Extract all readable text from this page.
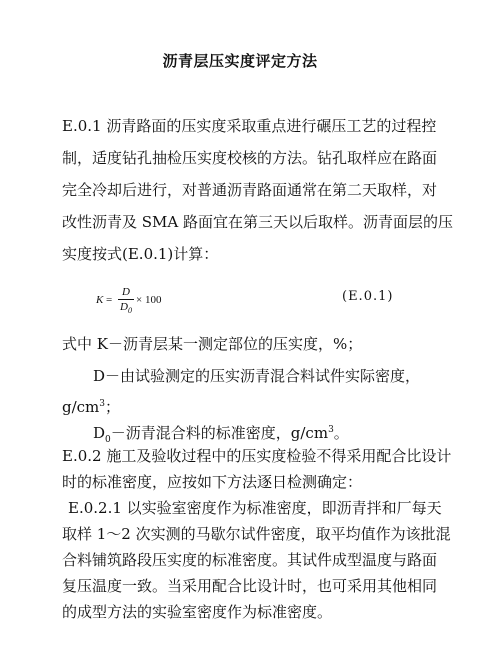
沥青层压实度评定方法
E.0.1 沥青路面的压实度采取重点进行碾压工艺的过程控
制，适度钻孔抽检压实度校核的方法。钻孔取样应在路面
完全冷却后进行，对普通沥青路面通常在第二天取样，对
改性沥青及 SMA 路面宜在第三天以后取样。沥青面层的压
实度按式(E.0.1)计算：
K =
D
$D_0$
× 100	(E.0.1)
式中 K－沥青层某一测定部位的压实度，%；
D－由试验测定的压实沥青混合料试件实际密度，
$g/cm^3$；
$D_0-$沥青混合料的标准密度，$g/cm^3$。
E.0.2 施工及验收过程中的压实度检验不得采用配合比设计
时的标准密度，应按如下方法逐日检测确定：
E.0.2.1 以实验室密度作为标准密度，即沥青拌和厂每天
取样 1～2 次实测的马歇尔试件密度，取平均值作为该批混
合料铺筑路段压实度的标准密度。其试件成型温度与路面
复压温度一致。当采用配合比设计时，也可采用其他相同
的成型方法的实验室密度作为标准密度。
